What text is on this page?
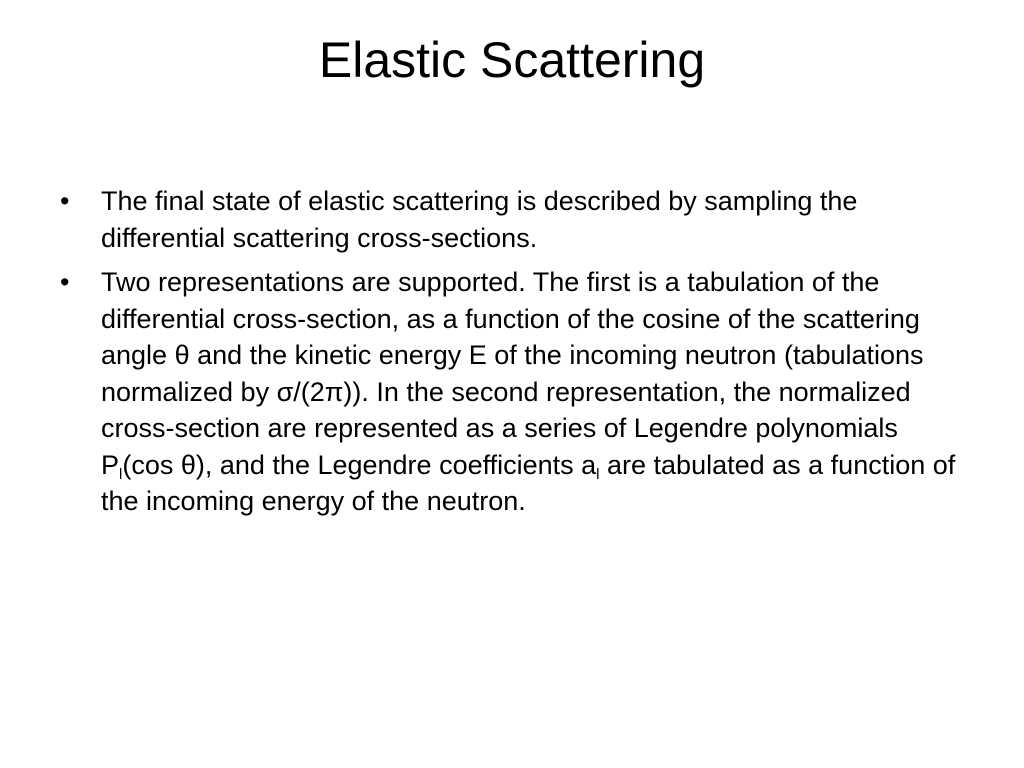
Elastic Scattering
•	The final state of elastic scattering is described by sampling the differential scattering cross-sections.
•	Two representations are supported. The first is a tabulation of the differential cross-section, as a function of the cosine of the scattering angle θ and the kinetic energy E of the incoming neutron (tabulations normalized by σ/(2π)). In the second representation, the normalized cross-section are represented as a series of Legendre polynomials $P_l(\cos$ θ), and the Legendre coefficients $a_l$ are tabulated as a function of the incoming energy of the neutron.
